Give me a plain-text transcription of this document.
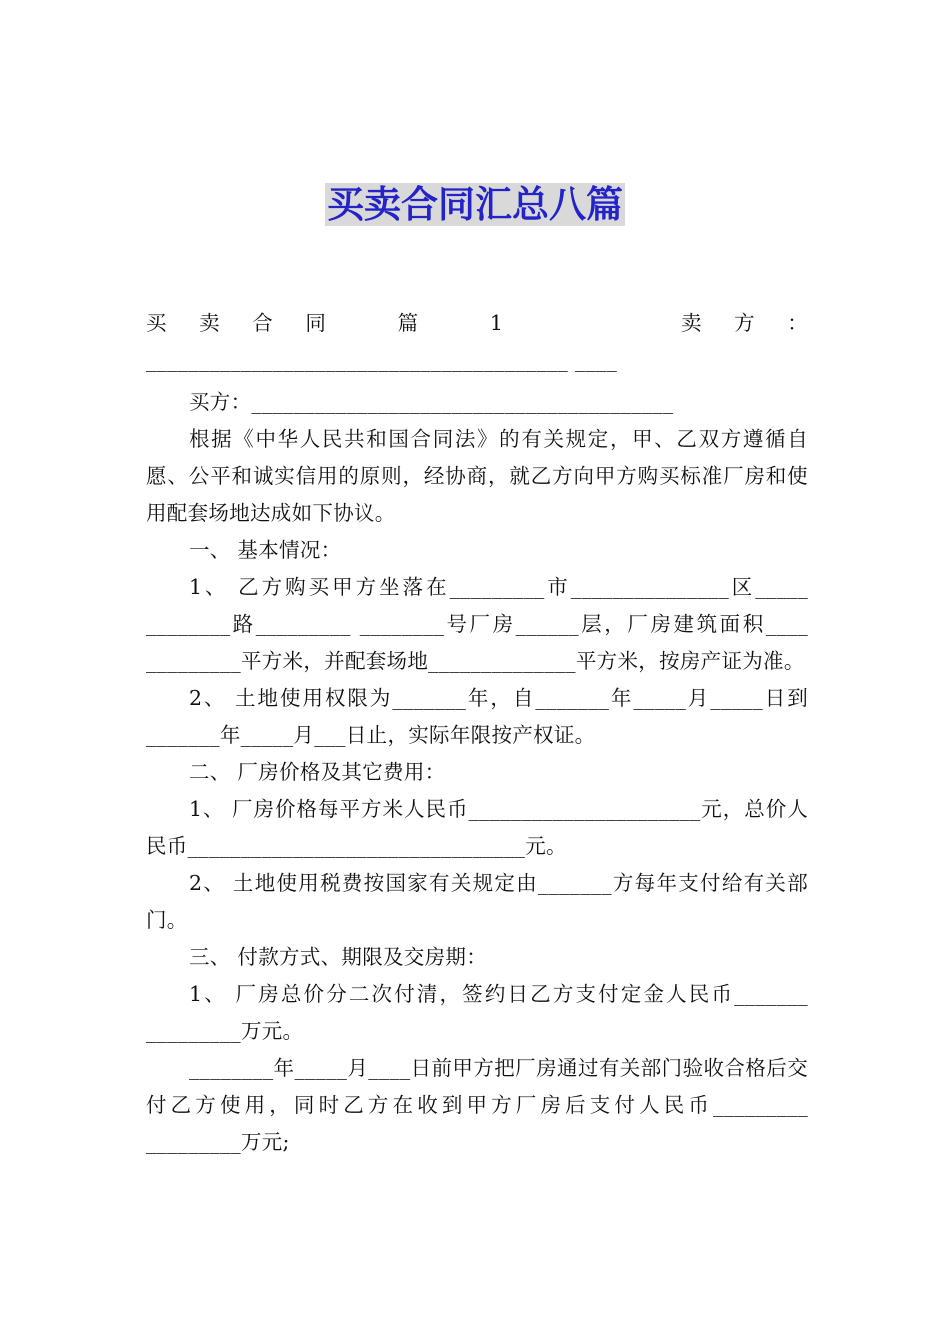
买卖合同汇总八篇

买卖合同 篇 1　　 卖方：________________________________________ ____

买方：________________________________________

根据《中华人民共和国合同法》的有关规定，甲、乙双方遵循自愿、公平和诚实信用的原则，经协商，就乙方向甲方购买标准厂房和使用配套场地达成如下协议。

一、 基本情况：

1、 乙方购买甲方坐落在_________市_______________区_____ ________路_________ ________号厂房______层，厂房建筑面积____ _________平方米，并配套场地______________平方米，按房产证为准。

2、 土地使用权限为_______年，自_______年_____月_____日到_______年_____月___日止，实际年限按产权证。

二、 厂房价格及其它费用：

1、 厂房价格每平方米人民币______________________元，总价人民币________________________________元。

2、 土地使用税费按国家有关规定由_______方每年支付给有关部门。

三、 付款方式、期限及交房期：

1、 厂房总价分二次付清，签约日乙方支付定金人民币_______ _________万元。

________年_____月____日前甲方把厂房通过有关部门验收合格后交付乙方使用，同时乙方在收到甲方厂房后支付人民币_________ _________万元;
